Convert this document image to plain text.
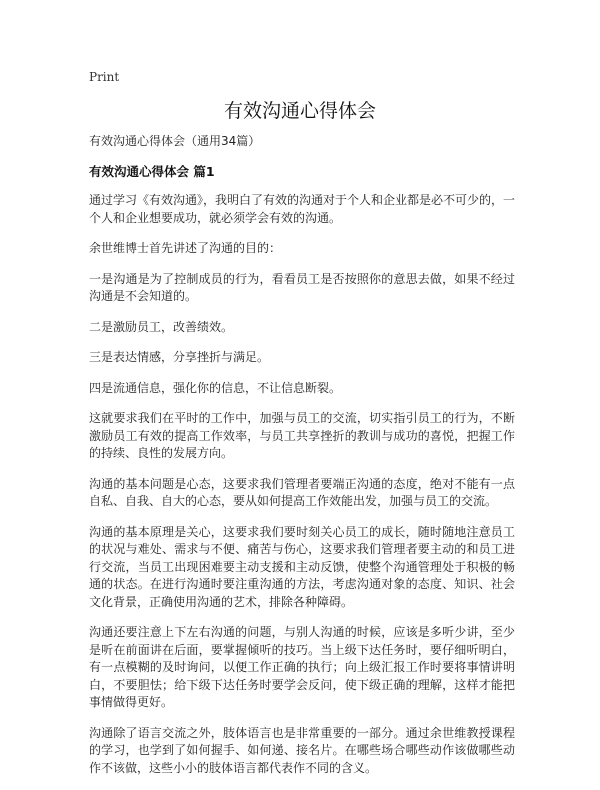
Print
有效沟通心得体会

有效沟通心得体会（通用34篇）

有效沟通心得体会 篇1

通过学习《有效沟通》，我明白了有效的沟通对于个人和企业都是必不可少的，一个人和企业想要成功，就必须学会有效的沟通。

余世维博士首先讲述了沟通的目的：

一是沟通是为了控制成员的行为，看看员工是否按照你的意思去做，如果不经过沟通是不会知道的。

二是激励员工，改善绩效。

三是表达情感，分享挫折与满足。

四是流通信息，强化你的信息，不让信息断裂。

这就要求我们在平时的工作中，加强与员工的交流，切实指引员工的行为，不断激励员工有效的提高工作效率，与员工共享挫折的教训与成功的喜悦，把握工作的持续、良性的发展方向。

沟通的基本问题是心态，这要求我们管理者要端正沟通的态度，绝对不能有一点自私、自我、自大的心态，要从如何提高工作效能出发，加强与员工的交流。

沟通的基本原理是关心，这要求我们要时刻关心员工的成长，随时随地注意员工的状况与难处、需求与不便、痛苦与伤心，这要求我们管理者要主动的和员工进行交流，当员工出现困难要主动支援和主动反馈，使整个沟通管理处于积极的畅通的状态。在进行沟通时要注重沟通的方法，考虑沟通对象的态度、知识、社会文化背景，正确使用沟通的艺术，排除各种障碍。

沟通还要注意上下左右沟通的问题，与别人沟通的时候，应该是多听少讲，至少是听在前面讲在后面，要掌握倾听的技巧。当上级下达任务时，要仔细听明白，有一点模糊的及时询问，以便工作正确的执行；向上级汇报工作时要将事情讲明白，不要胆怯；给下级下达任务时要学会反问，使下级正确的理解，这样才能把事情做得更好。

沟通除了语言交流之外，肢体语言也是非常重要的一部分。通过余世维教授课程的学习，也学到了如何握手、如何递、接名片。在哪些场合哪些动作该做哪些动作不该做，这些小小的肢体语言都代表作不同的含义。
